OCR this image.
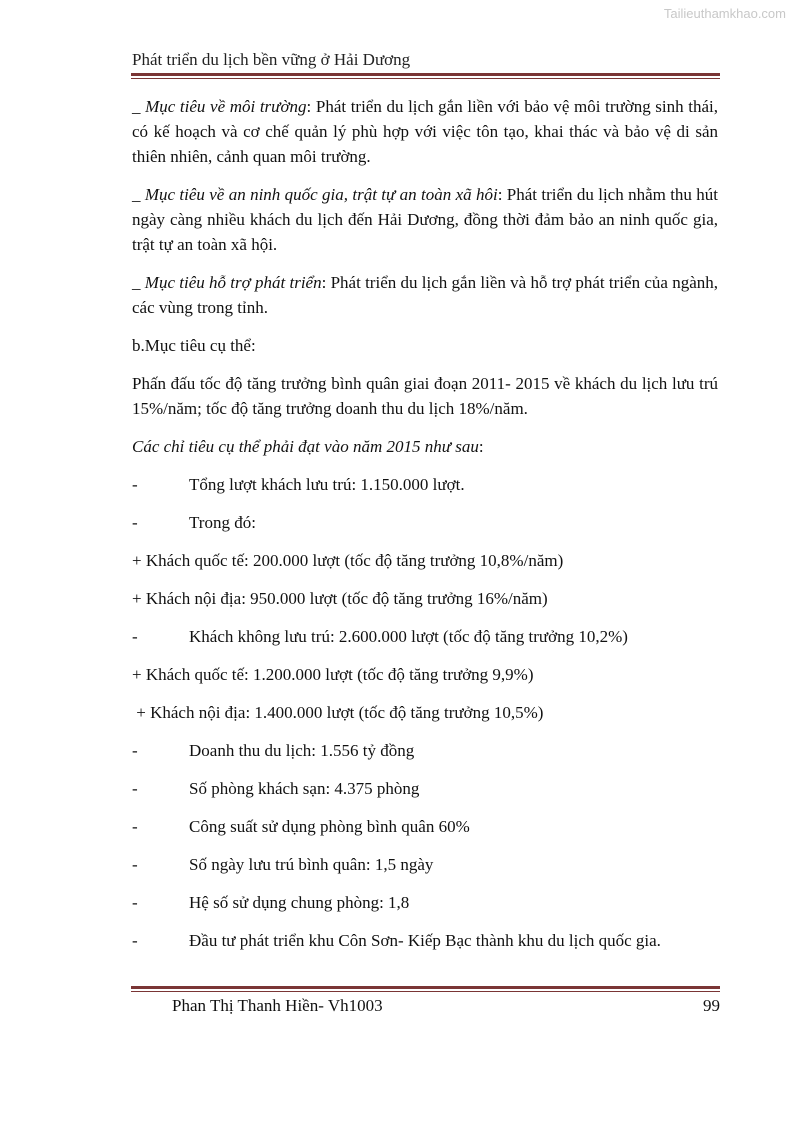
Tailieuthamkhao.com
Phát triển du lịch bền vững ở Hải Dương

_ Mục tiêu về môi trường: Phát triển du lịch gắn liền với bảo vệ môi trường sinh thái, có kế hoạch và cơ chế quản lý phù hợp với việc tôn tạo, khai thác và bảo vệ di sản thiên nhiên, cảnh quan môi trường.

_ Mục tiêu về an ninh quốc gia, trật tự an toàn xã hôi: Phát triển du lịch nhằm thu hút ngày càng nhiều khách du lịch đến Hải Dương, đồng thời đảm bảo an ninh quốc gia, trật tự an toàn xã hội.

_ Mục tiêu hỗ trợ phát triển: Phát triển du lịch gắn liền và hỗ trợ phát triển của ngành, các vùng trong tỉnh.

b.Mục tiêu cụ thể:

Phấn đấu tốc độ tăng trưởng bình quân giai đoạn 2011- 2015 về khách du lịch lưu trú 15%/năm; tốc độ tăng trưởng doanh thu du lịch 18%/năm.

Các chỉ tiêu cụ thể phải đạt vào năm 2015 như sau:

-	Tổng lượt khách lưu trú: 1.150.000 lượt.
-	Trong đó:
+ Khách quốc tế: 200.000 lượt (tốc độ tăng trưởng 10,8%/năm)
+ Khách nội địa: 950.000 lượt (tốc độ tăng trưởng 16%/năm)
-	Khách không lưu trú: 2.600.000 lượt (tốc độ tăng trưởng 10,2%)
+ Khách quốc tế: 1.200.000 lượt (tốc độ tăng trưởng 9,9%)
+ Khách nội địa: 1.400.000 lượt (tốc độ tăng trưởng 10,5%)
-	Doanh thu du lịch: 1.556 tỷ đồng
-	Số phòng khách sạn: 4.375 phòng
-	Công suất sử dụng phòng bình quân 60%
-	Số ngày lưu trú bình quân: 1,5 ngày
-	Hệ số sử dụng chung phòng: 1,8
-	Đầu tư phát triển khu Côn Sơn- Kiếp Bạc thành khu du lịch quốc gia.
Phan Thị Thanh Hiền- Vh1003	99
